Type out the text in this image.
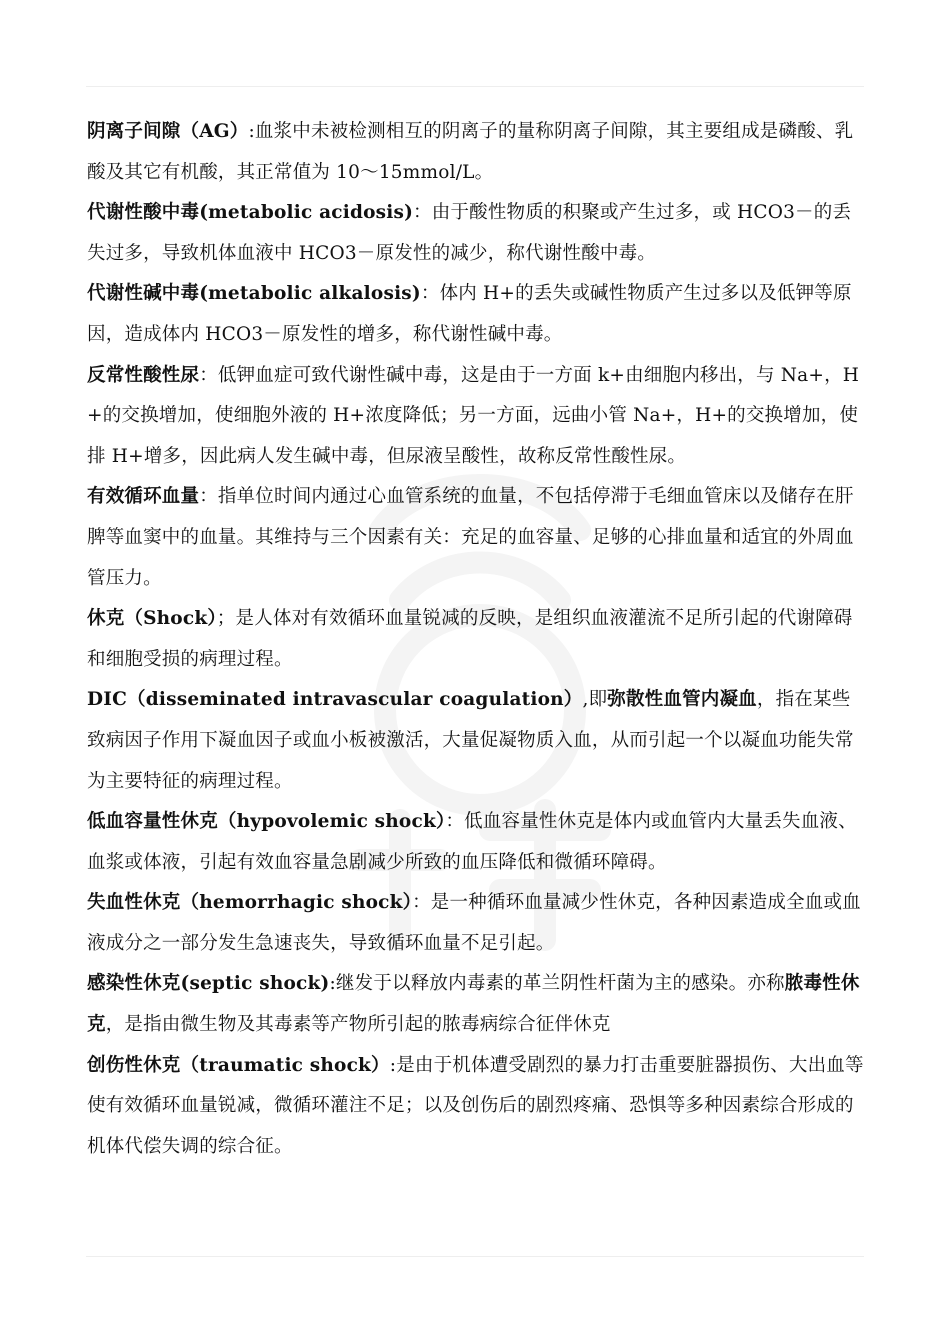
阴离子间隙（AG）:血浆中未被检测相互的阴离子的量称阴离子间隙，其主要组成是磷酸、乳酸及其它有机酸，其正常值为 10～15mmol/L。

代谢性酸中毒(metabolic acidosis)：由于酸性物质的积聚或产生过多，或 HCO3－的丢失过多，导致机体血液中 HCO3－原发性的减少，称代谢性酸中毒。

代谢性碱中毒(metabolic alkalosis)：体内 H+的丢失或碱性物质产生过多以及低钾等原因，造成体内 HCO3－原发性的增多，称代谢性碱中毒。

反常性酸性尿：低钾血症可致代谢性碱中毒，这是由于一方面 k+由细胞内移出，与 Na+，H+的交换增加，使细胞外液的 H+浓度降低；另一方面，远曲小管 Na+，H+的交换增加，使排 H+增多，因此病人发生碱中毒，但尿液呈酸性，故称反常性酸性尿。

有效循环血量：指单位时间内通过心血管系统的血量，不包括停滞于毛细血管床以及储存在肝脾等血窦中的血量。其维持与三个因素有关：充足的血容量、足够的心排血量和适宜的外周血管压力。

休克（Shock）；是人体对有效循环血量锐减的反映，是组织血液灌流不足所引起的代谢障碍和细胞受损的病理过程。

DIC（disseminated intravascular coagulation）,即弥散性血管内凝血，指在某些致病因子作用下凝血因子或血小板被激活，大量促凝物质入血，从而引起一个以凝血功能失常为主要特征的病理过程。

低血容量性休克（hypovolemic shock）：低血容量性休克是体内或血管内大量丢失血液、血浆或体液，引起有效血容量急剧减少所致的血压降低和微循环障碍。

失血性休克（hemorrhagic shock）：是一种循环血量减少性休克，各种因素造成全血或血液成分之一部分发生急速丧失，导致循环血量不足引起。

感染性休克(septic shock):继发于以释放内毒素的革兰阴性杆菌为主的感染。亦称脓毒性休克，是指由微生物及其毒素等产物所引起的脓毒病综合征伴休克

创伤性休克（traumatic shock）:是由于机体遭受剧烈的暴力打击重要脏器损伤、大出血等使有效循环血量锐减，微循环灌注不足；以及创伤后的剧烈疼痛、恐惧等多种因素综合形成的机体代偿失调的综合征。
